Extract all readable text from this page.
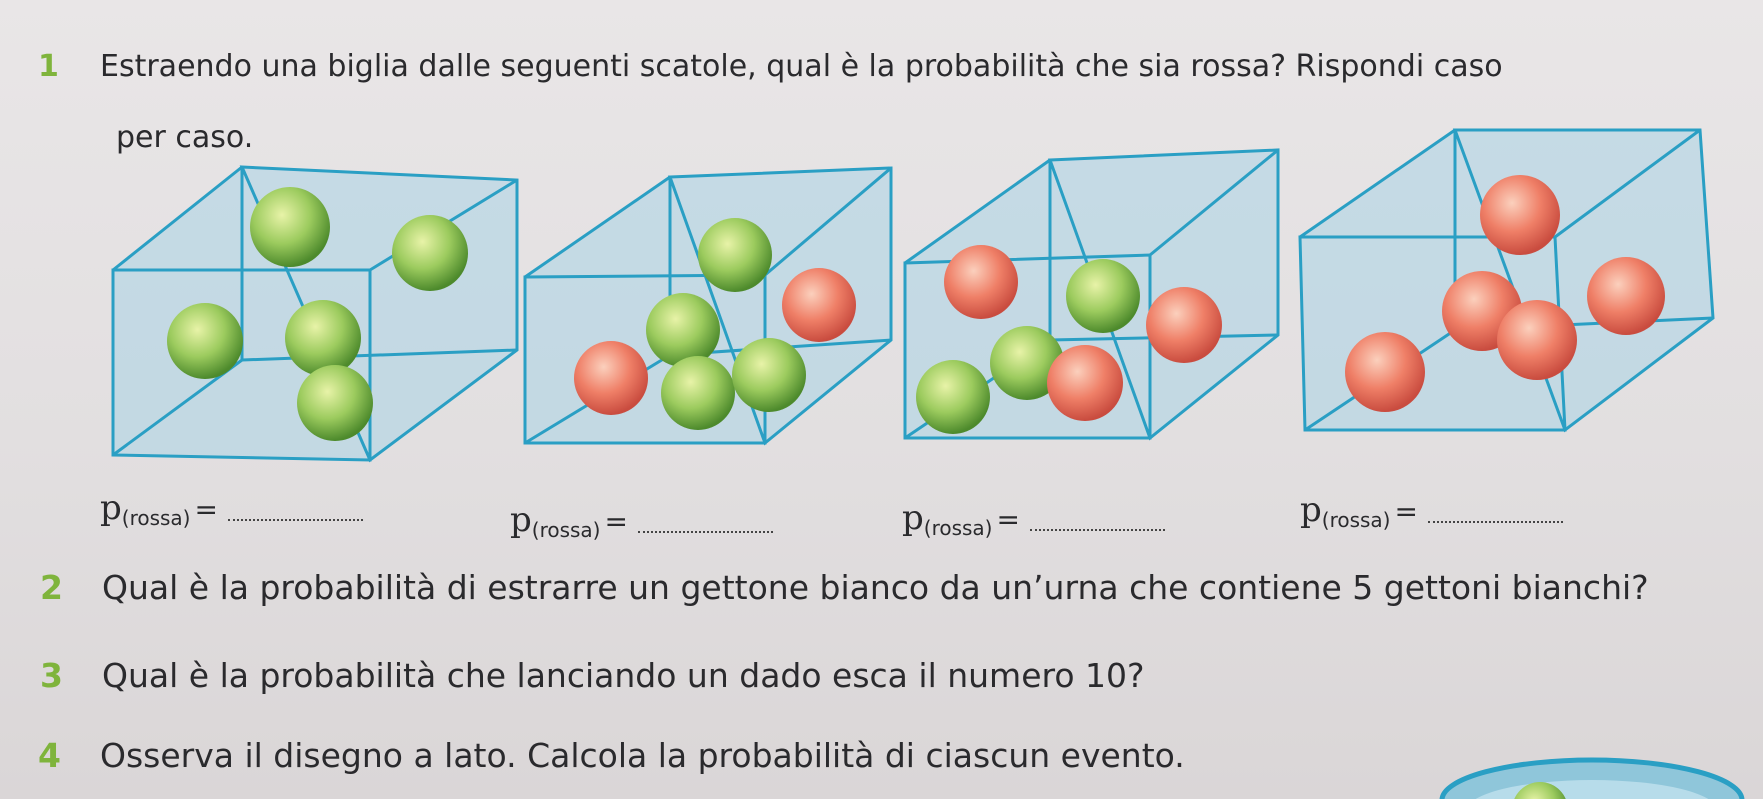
1 Estraendo una biglia dalle seguenti scatole, qual è la probabilità che sia rossa? Rispondi caso
per caso.
$p_{(rossa)}$ =	$p_{(rossa)}$ =	$p_{(rossa)}$ =	$p_{(rossa)}$ =
2 Qual è la probabilità di estrarre un gettone bianco da un’urna che contiene 5 gettoni bianchi?
3 Qual è la probabilità che lanciando un dado esca il numero 10?
4 Osserva il disegno a lato. Calcola la probabilità di ciascun evento.
